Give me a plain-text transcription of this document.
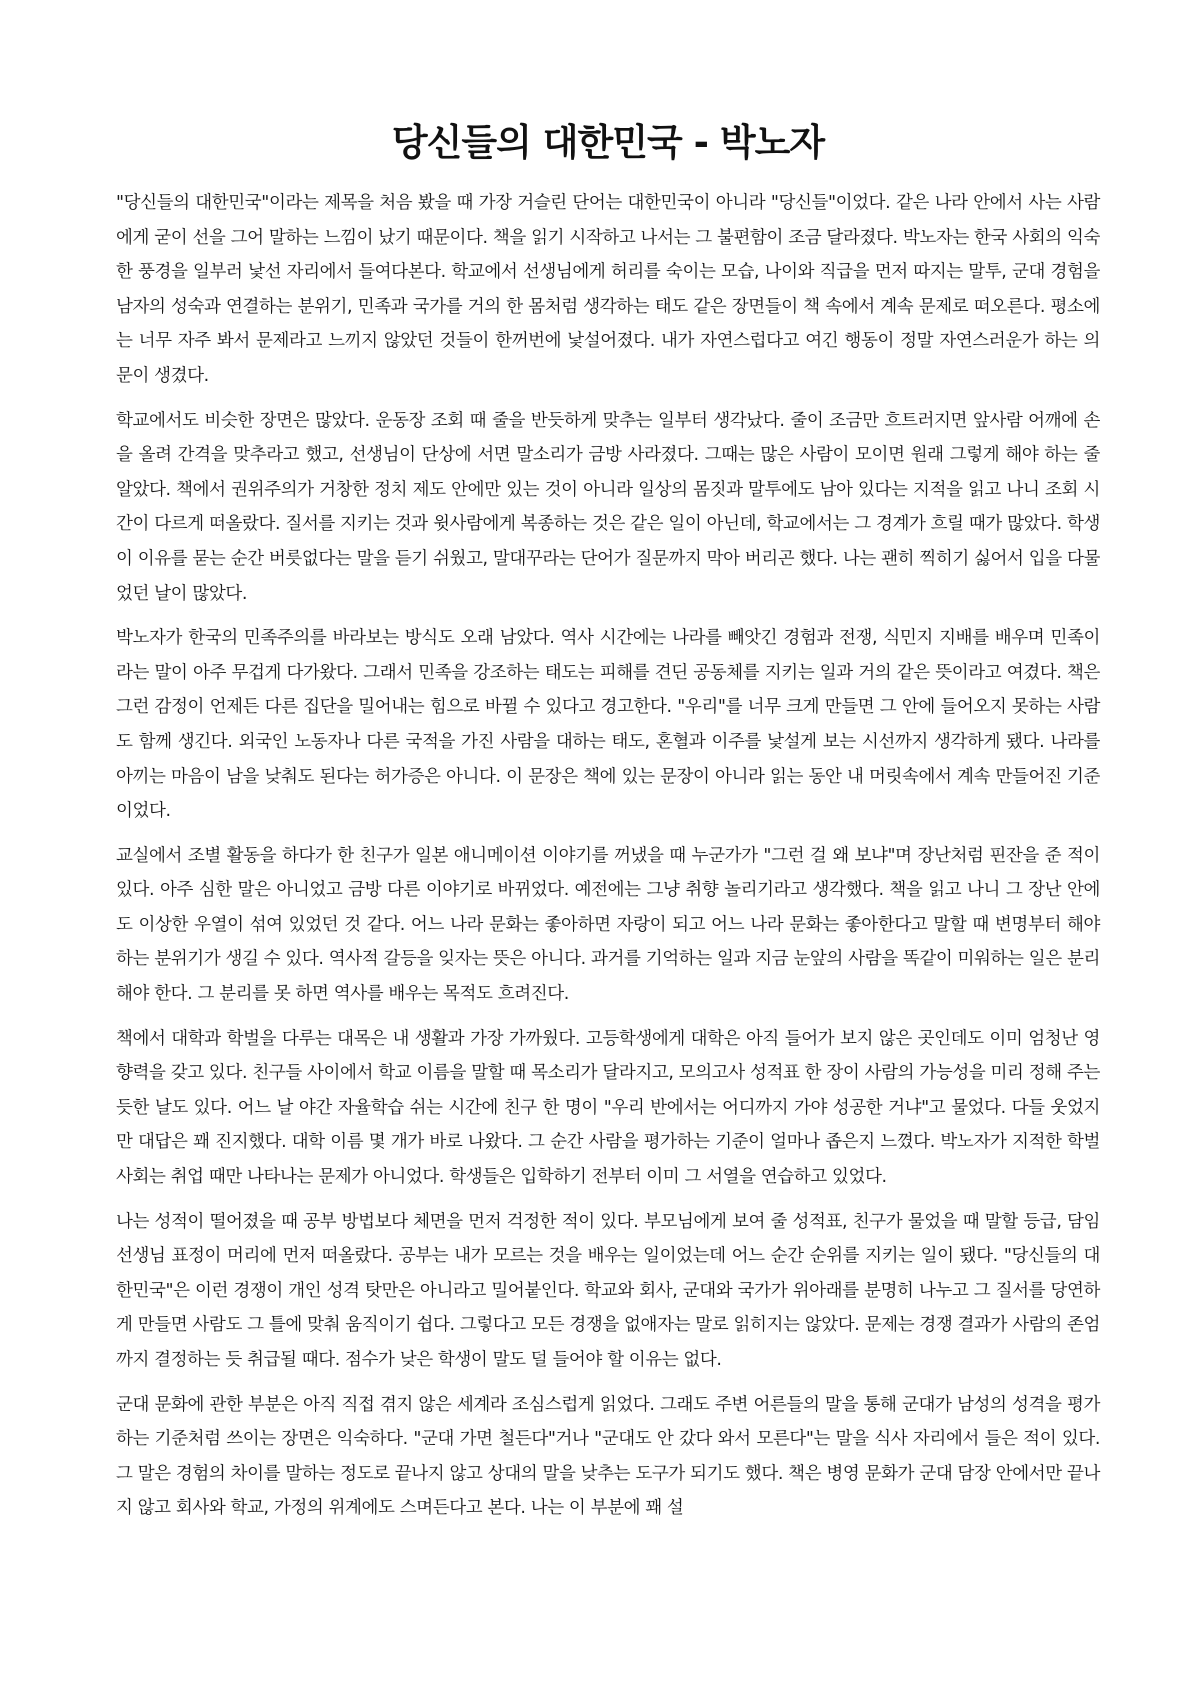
당신들의 대한민국 - 박노자

"당신들의 대한민국"이라는 제목을 처음 봤을 때 가장 거슬린 단어는 대한민국이 아니라 "당신들"이었다. 같은 나라 안에서 사는 사람에게 굳이 선을 그어 말하는 느낌이 났기 때문이다. 책을 읽기 시작하고 나서는 그 불편함이 조금 달라졌다. 박노자는 한국 사회의 익숙한 풍경을 일부러 낯선 자리에서 들여다본다. 학교에서 선생님에게 허리를 숙이는 모습, 나이와 직급을 먼저 따지는 말투, 군대 경험을 남자의 성숙과 연결하는 분위기, 민족과 국가를 거의 한 몸처럼 생각하는 태도 같은 장면들이 책 속에서 계속 문제로 떠오른다. 평소에는 너무 자주 봐서 문제라고 느끼지 않았던 것들이 한꺼번에 낯설어졌다. 내가 자연스럽다고 여긴 행동이 정말 자연스러운가 하는 의문이 생겼다.

학교에서도 비슷한 장면은 많았다. 운동장 조회 때 줄을 반듯하게 맞추는 일부터 생각났다. 줄이 조금만 흐트러지면 앞사람 어깨에 손을 올려 간격을 맞추라고 했고, 선생님이 단상에 서면 말소리가 금방 사라졌다. 그때는 많은 사람이 모이면 원래 그렇게 해야 하는 줄 알았다. 책에서 권위주의가 거창한 정치 제도 안에만 있는 것이 아니라 일상의 몸짓과 말투에도 남아 있다는 지적을 읽고 나니 조회 시간이 다르게 떠올랐다. 질서를 지키는 것과 윗사람에게 복종하는 것은 같은 일이 아닌데, 학교에서는 그 경계가 흐릴 때가 많았다. 학생이 이유를 묻는 순간 버릇없다는 말을 듣기 쉬웠고, 말대꾸라는 단어가 질문까지 막아 버리곤 했다. 나는 괜히 찍히기 싫어서 입을 다물었던 날이 많았다.

박노자가 한국의 민족주의를 바라보는 방식도 오래 남았다. 역사 시간에는 나라를 빼앗긴 경험과 전쟁, 식민지 지배를 배우며 민족이라는 말이 아주 무겁게 다가왔다. 그래서 민족을 강조하는 태도는 피해를 견딘 공동체를 지키는 일과 거의 같은 뜻이라고 여겼다. 책은 그런 감정이 언제든 다른 집단을 밀어내는 힘으로 바뀔 수 있다고 경고한다. "우리"를 너무 크게 만들면 그 안에 들어오지 못하는 사람도 함께 생긴다. 외국인 노동자나 다른 국적을 가진 사람을 대하는 태도, 혼혈과 이주를 낯설게 보는 시선까지 생각하게 됐다. 나라를 아끼는 마음이 남을 낮춰도 된다는 허가증은 아니다. 이 문장은 책에 있는 문장이 아니라 읽는 동안 내 머릿속에서 계속 만들어진 기준이었다.

교실에서 조별 활동을 하다가 한 친구가 일본 애니메이션 이야기를 꺼냈을 때 누군가가 "그런 걸 왜 보냐"며 장난처럼 핀잔을 준 적이 있다. 아주 심한 말은 아니었고 금방 다른 이야기로 바뀌었다. 예전에는 그냥 취향 놀리기라고 생각했다. 책을 읽고 나니 그 장난 안에도 이상한 우열이 섞여 있었던 것 같다. 어느 나라 문화는 좋아하면 자랑이 되고 어느 나라 문화는 좋아한다고 말할 때 변명부터 해야 하는 분위기가 생길 수 있다. 역사적 갈등을 잊자는 뜻은 아니다. 과거를 기억하는 일과 지금 눈앞의 사람을 똑같이 미워하는 일은 분리해야 한다. 그 분리를 못 하면 역사를 배우는 목적도 흐려진다.

책에서 대학과 학벌을 다루는 대목은 내 생활과 가장 가까웠다. 고등학생에게 대학은 아직 들어가 보지 않은 곳인데도 이미 엄청난 영향력을 갖고 있다. 친구들 사이에서 학교 이름을 말할 때 목소리가 달라지고, 모의고사 성적표 한 장이 사람의 가능성을 미리 정해 주는 듯한 날도 있다. 어느 날 야간 자율학습 쉬는 시간에 친구 한 명이 "우리 반에서는 어디까지 가야 성공한 거냐"고 물었다. 다들 웃었지만 대답은 꽤 진지했다. 대학 이름 몇 개가 바로 나왔다. 그 순간 사람을 평가하는 기준이 얼마나 좁은지 느꼈다. 박노자가 지적한 학벌 사회는 취업 때만 나타나는 문제가 아니었다. 학생들은 입학하기 전부터 이미 그 서열을 연습하고 있었다.

나는 성적이 떨어졌을 때 공부 방법보다 체면을 먼저 걱정한 적이 있다. 부모님에게 보여 줄 성적표, 친구가 물었을 때 말할 등급, 담임 선생님 표정이 머리에 먼저 떠올랐다. 공부는 내가 모르는 것을 배우는 일이었는데 어느 순간 순위를 지키는 일이 됐다. "당신들의 대한민국"은 이런 경쟁이 개인 성격 탓만은 아니라고 밀어붙인다. 학교와 회사, 군대와 국가가 위아래를 분명히 나누고 그 질서를 당연하게 만들면 사람도 그 틀에 맞춰 움직이기 쉽다. 그렇다고 모든 경쟁을 없애자는 말로 읽히지는 않았다. 문제는 경쟁 결과가 사람의 존엄까지 결정하는 듯 취급될 때다. 점수가 낮은 학생이 말도 덜 들어야 할 이유는 없다.

군대 문화에 관한 부분은 아직 직접 겪지 않은 세계라 조심스럽게 읽었다. 그래도 주변 어른들의 말을 통해 군대가 남성의 성격을 평가하는 기준처럼 쓰이는 장면은 익숙하다. "군대 가면 철든다"거나 "군대도 안 갔다 와서 모른다"는 말을 식사 자리에서 들은 적이 있다. 그 말은 경험의 차이를 말하는 정도로 끝나지 않고 상대의 말을 낮추는 도구가 되기도 했다. 책은 병영 문화가 군대 담장 안에서만 끝나지 않고 회사와 학교, 가정의 위계에도 스며든다고 본다. 나는 이 부분에 꽤 설
